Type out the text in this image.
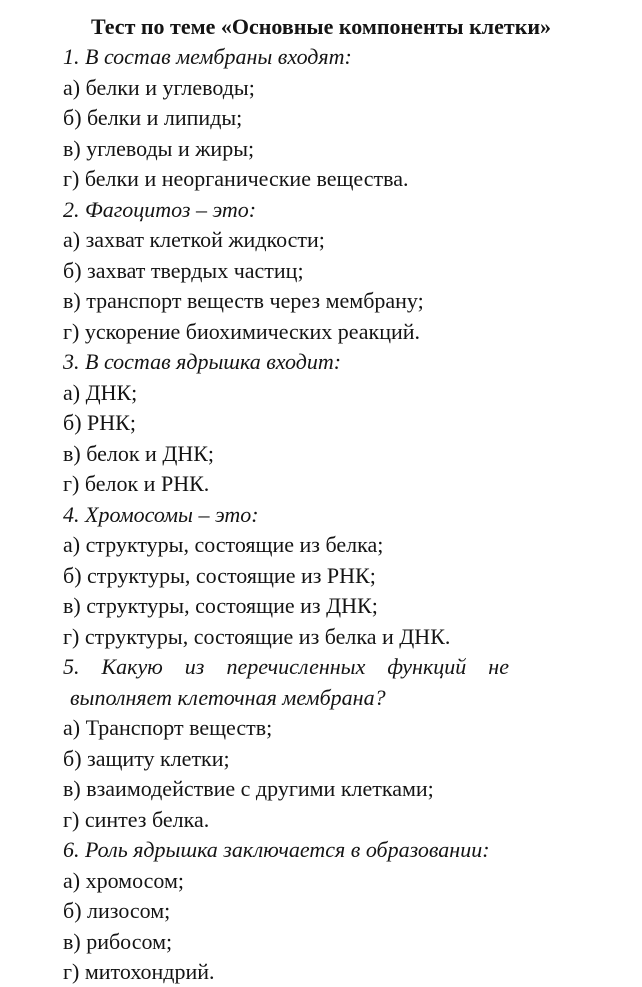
Тест по теме «Основные компоненты клетки»
1. В состав мембраны входят:
а) белки и углеводы;
б) белки и липиды;
в) углеводы и жиры;
г) белки и неорганические вещества.
2. Фагоцитоз – это:
а) захват клеткой жидкости;
б) захват твердых частиц;
в) транспорт веществ через мембрану;
г) ускорение биохимических реакций.
3. В состав ядрышка входит:
а) ДНК;
б) РНК;
в) белок и ДНК;
г) белок и РНК.
4. Хромосомы – это:
а) структуры, состоящие из белка;
б) структуры, состоящие из РНК;
в) структуры, состоящие из ДНК;
г) структуры, состоящие из белка и ДНК.
5. Какую из перечисленных функций не
выполняет клеточная мембрана?
а) Транспорт веществ;
б) защиту клетки;
в) взаимодействие с другими клетками;
г) синтез белка.
6. Роль ядрышка заключается в образовании:
а) хромосом;
б) лизосом;
в) рибосом;
г) митохондрий.
